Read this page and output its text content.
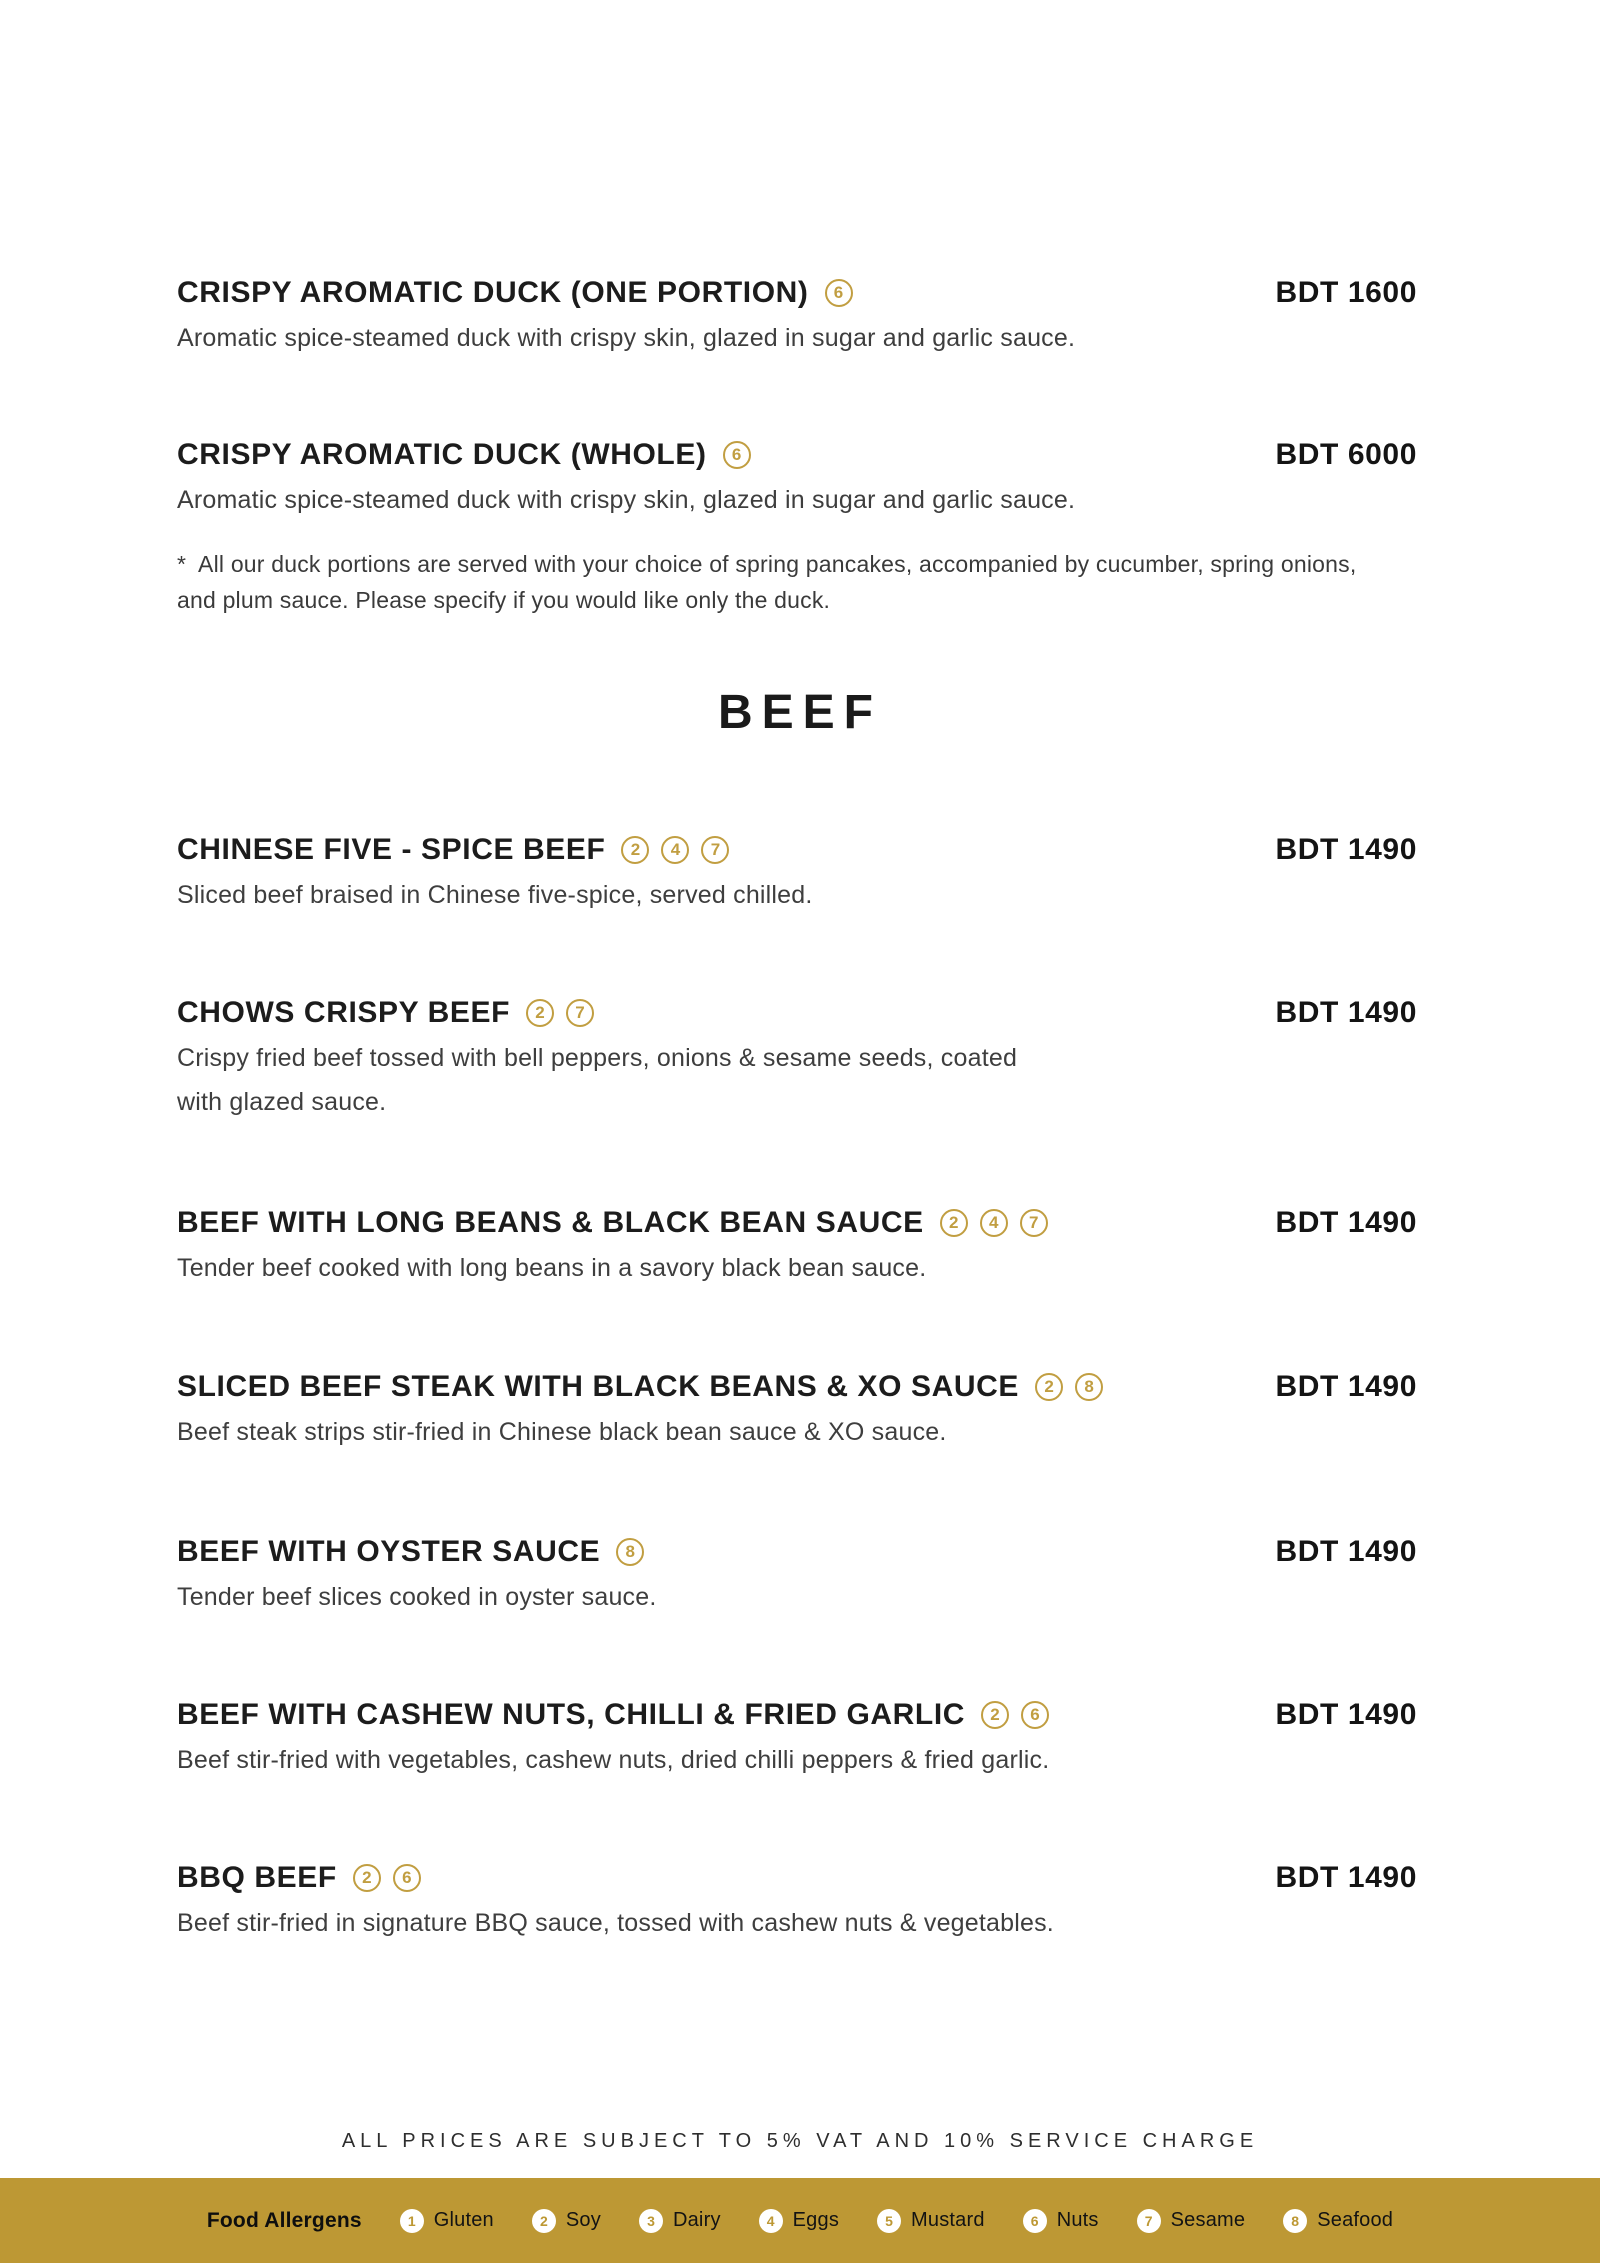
CRISPY AROMATIC DUCK (ONE PORTION)	6	BDT 1600
Aromatic spice-steamed duck with crispy skin, glazed in sugar and garlic sauce.
CRISPY AROMATIC DUCK (WHOLE)	6	BDT 6000
Aromatic spice-steamed duck with crispy skin, glazed in sugar and garlic sauce.
*  All our duck portions are served with your choice of spring pancakes, accompanied by cucumber, spring onions,
and plum sauce. Please specify if you would like only the duck.
BEEF
CHINESE FIVE - SPICE BEEF	2	4	7	BDT 1490
Sliced beef braised in Chinese five-spice, served chilled.
CHOWS CRISPY BEEF	2	7	BDT 1490
Crispy fried beef tossed with bell peppers, onions & sesame seeds, coated
with glazed sauce.
BEEF WITH LONG BEANS & BLACK BEAN SAUCE	2	4	7	BDT 1490
Tender beef cooked with long beans in a savory black bean sauce.
SLICED BEEF STEAK WITH BLACK BEANS & XO SAUCE	2	8	BDT 1490
Beef steak strips stir-fried in Chinese black bean sauce & XO sauce.
BEEF WITH OYSTER SAUCE	8	BDT 1490
Tender beef slices cooked in oyster sauce.
BEEF WITH CASHEW NUTS, CHILLI & FRIED GARLIC	2	6	BDT 1490
Beef stir-fried with vegetables, cashew nuts, dried chilli peppers & fried garlic.
BBQ BEEF	2	6	BDT 1490
Beef stir-fried in signature BBQ sauce, tossed with cashew nuts & vegetables.
ALL PRICES ARE SUBJECT TO 5% VAT AND 10% SERVICE CHARGE
Food Allergens	1 Gluten	2 Soy	3 Dairy	4 Eggs	5 Mustard	6 Nuts	7 Sesame	8 Seafood
